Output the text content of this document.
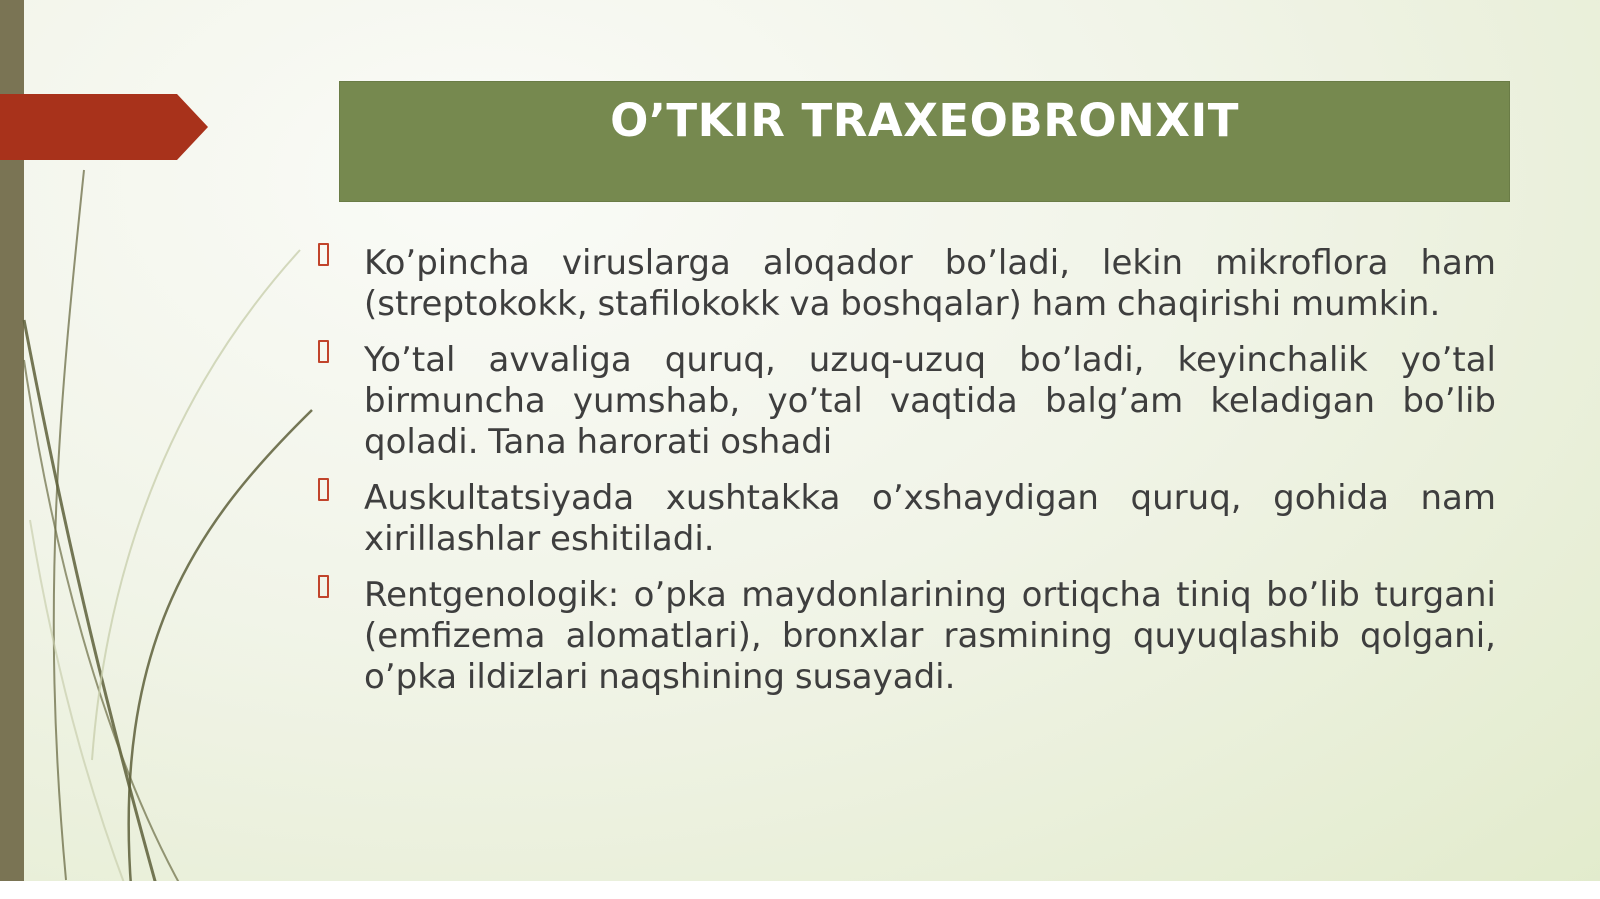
O’TKIR TRAXEOBRONXIT
Ko’pincha viruslarga aloqador bo’ladi, lekin mikroflora ham (streptokokk, stafilokokk va boshqalar) ham chaqirishi mumkin.
Yo’tal avvaliga quruq, uzuq-uzuq bo’ladi, keyinchalik yo’tal birmuncha yumshab, yo’tal vaqtida balg’am keladigan bo’lib qoladi. Tana harorati oshadi
Auskultatsiyada xushtakka o’xshaydigan quruq, gohida nam xirillashlar eshitiladi.
Rentgenologik: o’pka maydonlarining ortiqcha tiniq bo’lib turgani (emfizema alomatlari), bronxlar rasmining quyuqlashib qolgani, o’pka ildizlari naqshining susayadi.
